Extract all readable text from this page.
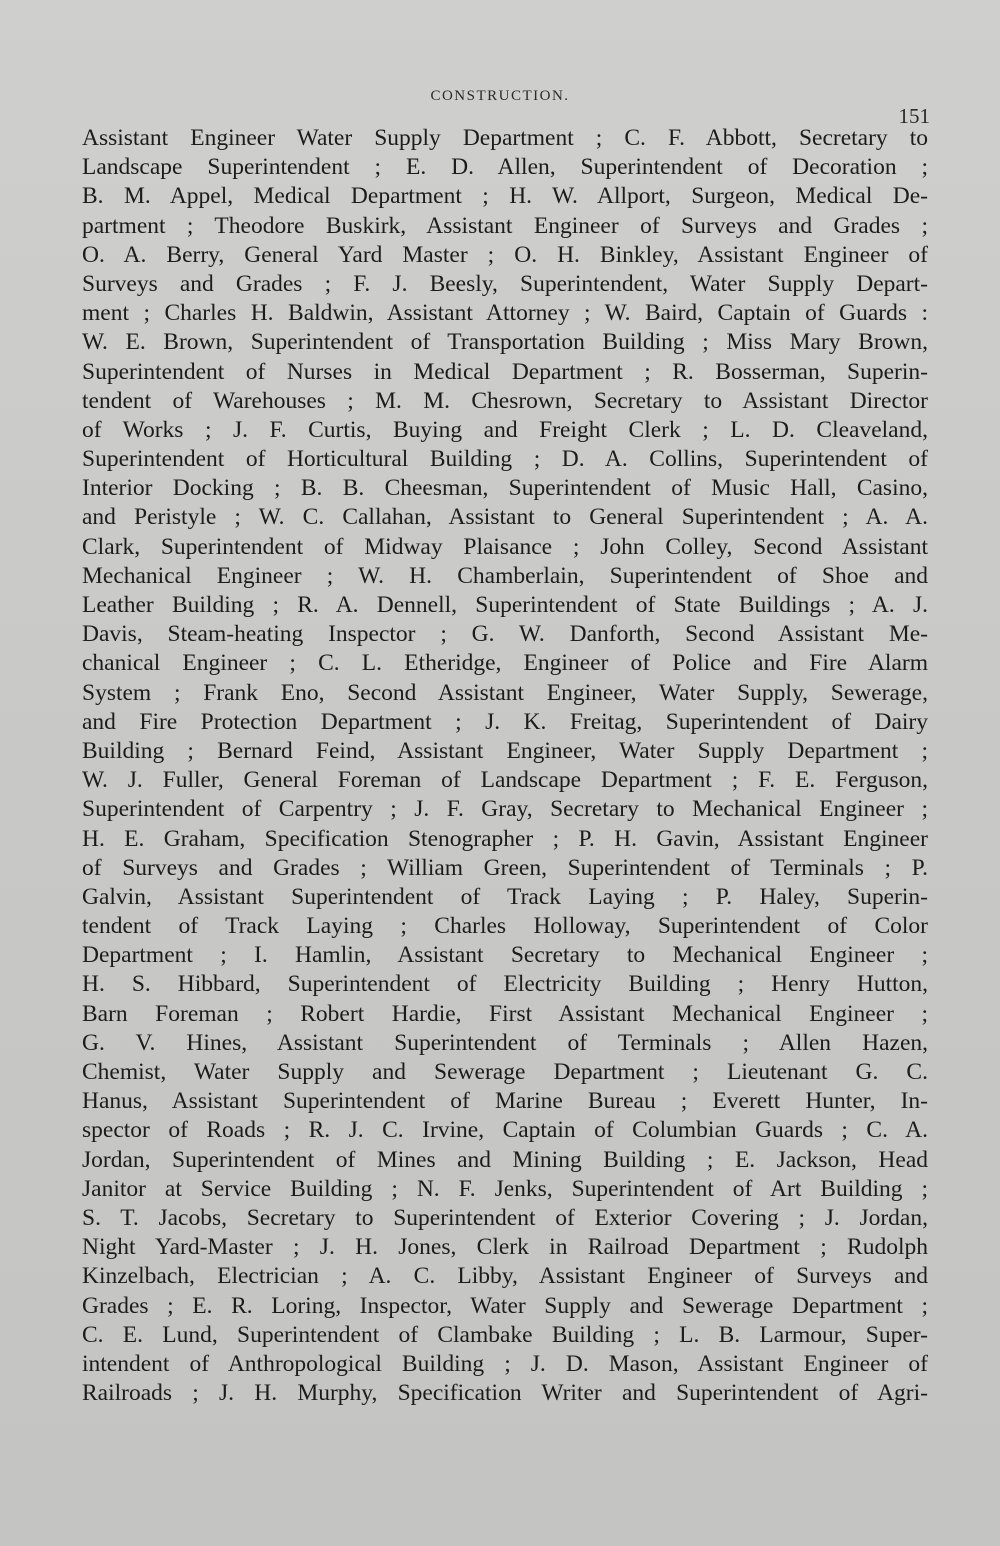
CONSTRUCTION.
151
Assistant Engineer Water Supply Department ; C. F. Abbott, Secretary to
Landscape Superintendent ; E. D. Allen, Superintendent of Decoration ;
B. M. Appel, Medical Department ; H. W. Allport, Surgeon, Medical De-
partment ; Theodore Buskirk, Assistant Engineer of Surveys and Grades ;
O. A. Berry, General Yard Master ; O. H. Binkley, Assistant Engineer of
Surveys and Grades ; F. J. Beesly, Superintendent, Water Supply Depart-
ment ; Charles H. Baldwin, Assistant Attorney ; W. Baird, Captain of Guards :
W. E. Brown, Superintendent of Transportation Building ; Miss Mary Brown,
Superintendent of Nurses in Medical Department ; R. Bosserman, Superin-
tendent of Warehouses ; M. M. Chesrown, Secretary to Assistant Director
of Works ; J. F. Curtis, Buying and Freight Clerk ; L. D. Cleaveland,
Superintendent of Horticultural Building ; D. A. Collins, Superintendent of
Interior Docking ; B. B. Cheesman, Superintendent of Music Hall, Casino,
and Peristyle ; W. C. Callahan, Assistant to General Superintendent ; A. A.
Clark, Superintendent of Midway Plaisance ; John Colley, Second Assistant
Mechanical Engineer ; W. H. Chamberlain, Superintendent of Shoe and
Leather Building ; R. A. Dennell, Superintendent of State Buildings ; A. J.
Davis, Steam-heating Inspector ; G. W. Danforth, Second Assistant Me-
chanical Engineer ; C. L. Etheridge, Engineer of Police and Fire Alarm
System ; Frank Eno, Second Assistant Engineer, Water Supply, Sewerage,
and Fire Protection Department ; J. K. Freitag, Superintendent of Dairy
Building ; Bernard Feind, Assistant Engineer, Water Supply Department ;
W. J. Fuller, General Foreman of Landscape Department ; F. E. Ferguson,
Superintendent of Carpentry ; J. F. Gray, Secretary to Mechanical Engineer ;
H. E. Graham, Specification Stenographer ; P. H. Gavin, Assistant Engineer
of Surveys and Grades ; William Green, Superintendent of Terminals ; P.
Galvin, Assistant Superintendent of Track Laying ; P. Haley, Superin-
tendent of Track Laying ; Charles Holloway, Superintendent of Color
Department ; I. Hamlin, Assistant Secretary to Mechanical Engineer ;
H. S. Hibbard, Superintendent of Electricity Building ; Henry Hutton,
Barn Foreman ; Robert Hardie, First Assistant Mechanical Engineer ;
G. V. Hines, Assistant Superintendent of Terminals ; Allen Hazen,
Chemist, Water Supply and Sewerage Department ; Lieutenant G. C.
Hanus, Assistant Superintendent of Marine Bureau ; Everett Hunter, In-
spector of Roads ; R. J. C. Irvine, Captain of Columbian Guards ; C. A.
Jordan, Superintendent of Mines and Mining Building ; E. Jackson, Head
Janitor at Service Building ; N. F. Jenks, Superintendent of Art Building ;
S. T. Jacobs, Secretary to Superintendent of Exterior Covering ; J. Jordan,
Night Yard-Master ; J. H. Jones, Clerk in Railroad Department ; Rudolph
Kinzelbach, Electrician ; A. C. Libby, Assistant Engineer of Surveys and
Grades ; E. R. Loring, Inspector, Water Supply and Sewerage Department ;
C. E. Lund, Superintendent of Clambake Building ; L. B. Larmour, Super-
intendent of Anthropological Building ; J. D. Mason, Assistant Engineer of
Railroads ; J. H. Murphy, Specification Writer and Superintendent of Agri-
